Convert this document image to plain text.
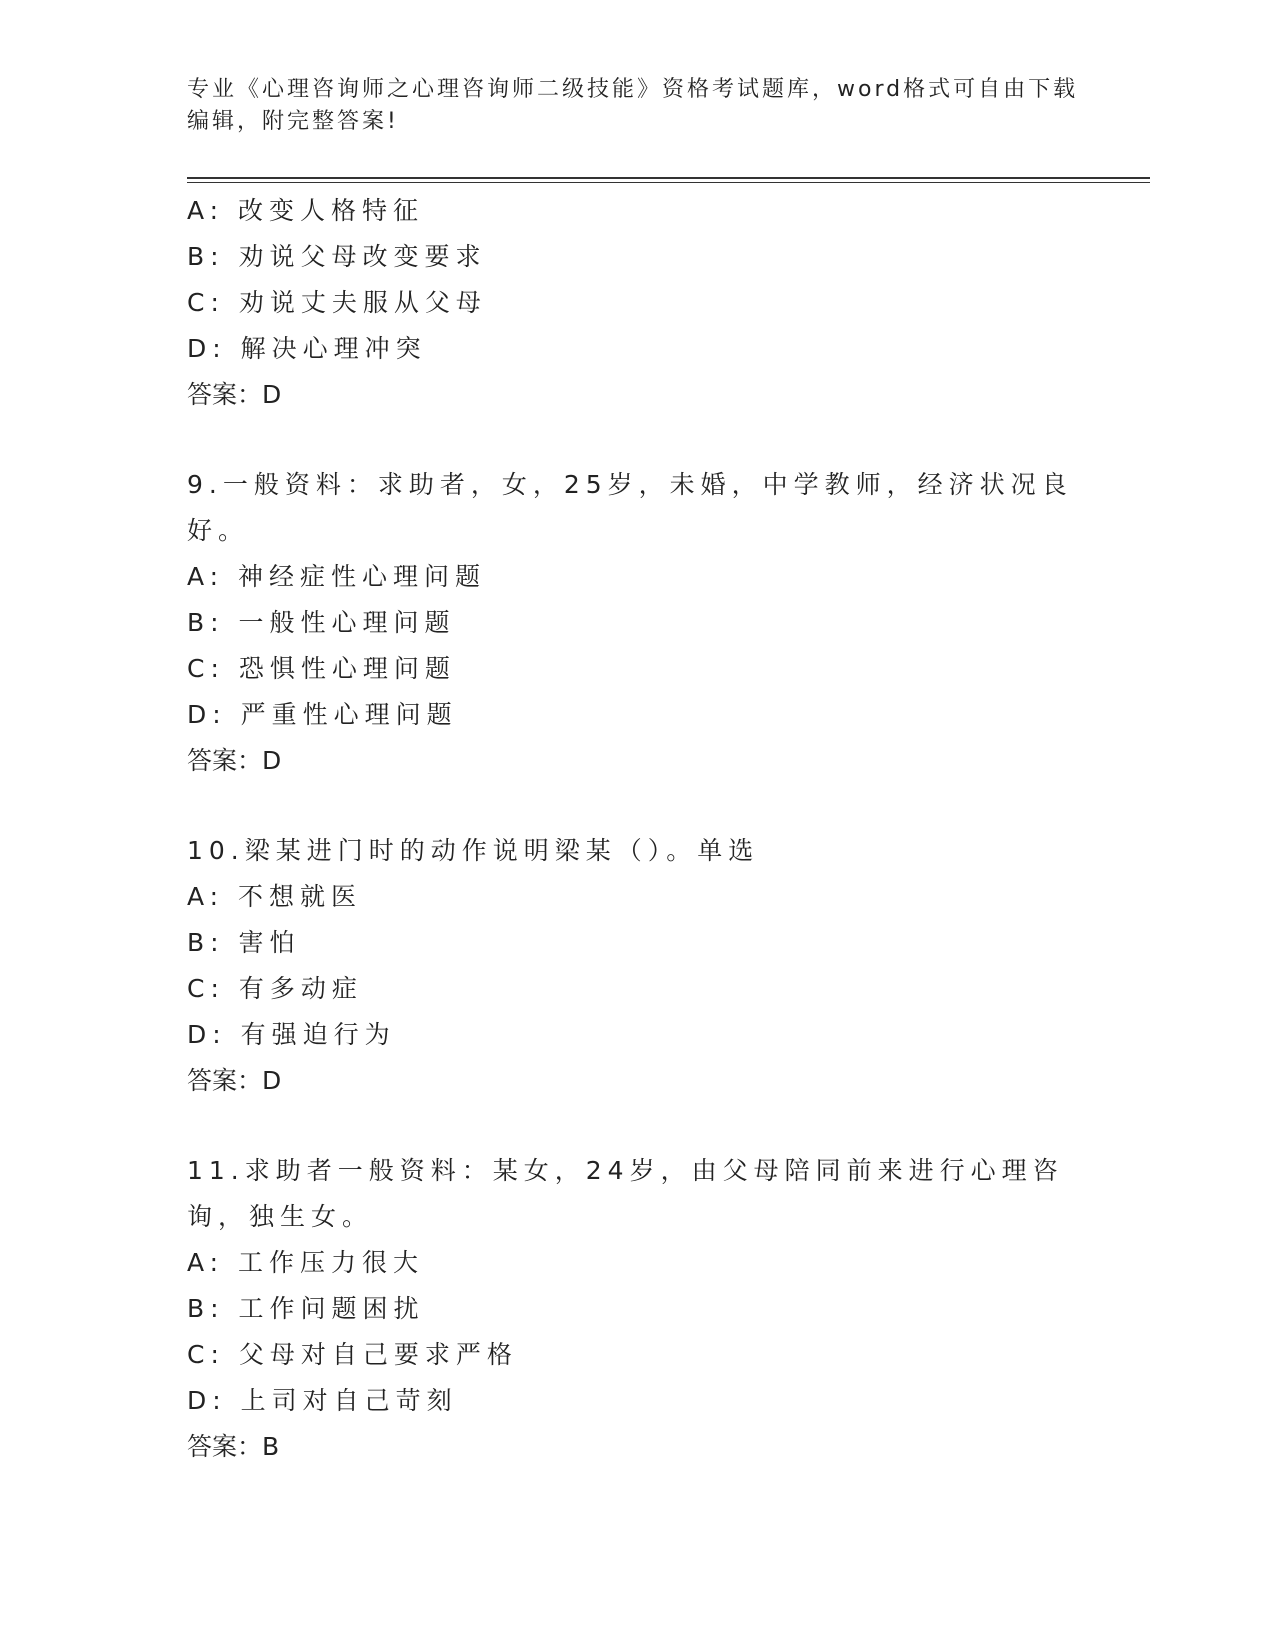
专业《心理咨询师之心理咨询师二级技能》资格考试题库，word格式可自由下载
编辑，附完整答案!
A: 改变人格特征
B: 劝说父母改变要求
C: 劝说丈夫服从父母
D: 解决心理冲突
答案：D
9.一般资料：求助者，女，25岁，未婚，中学教师，经济状况良好。
A: 神经症性心理问题
B: 一般性心理问题
C: 恐惧性心理问题
D: 严重性心理问题
答案：D
10.梁某进门时的动作说明梁某（）。单选
A: 不想就医
B: 害怕
C: 有多动症
D: 有强迫行为
答案：D
11.求助者一般资料：某女，24岁，由父母陪同前来进行心理咨询，独生女。
A: 工作压力很大
B: 工作问题困扰
C: 父母对自己要求严格
D: 上司对自己苛刻
答案：B
